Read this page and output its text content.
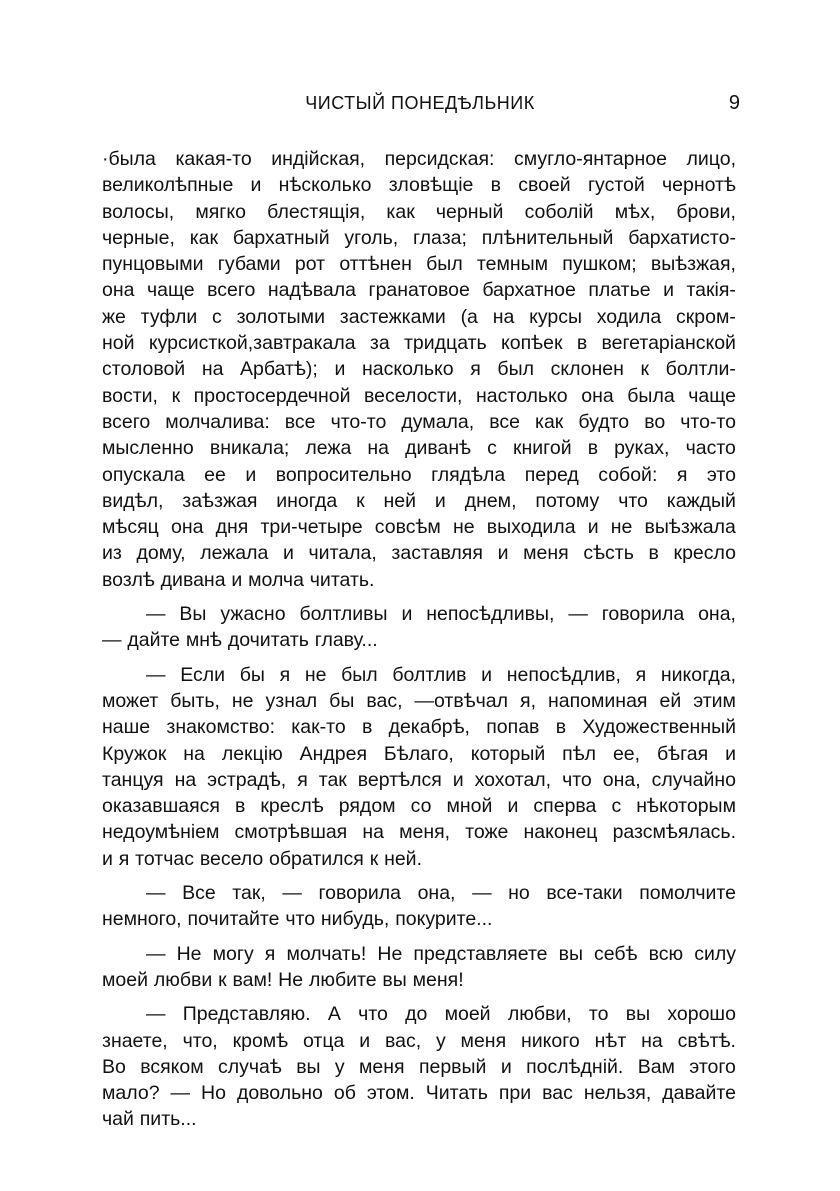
ЧИСТЫЙ ПОНЕДѢЛЬНИК	9
·была какая-то индійская, персидская: смугло-янтарное лицо,
великолѣпные и нѣсколько зловѣщіе в своей густой чернотѣ
волосы, мягко блестящія, как черный соболій мѣх, брови,
черные, как бархатный уголь, глаза; плѣнительный бархатисто-
пунцовыми губами рот оттѣнен был темным пушком; выѣзжая,
она чаще всего надѣвала гранатовое бархатное платье и такія-
же туфли с золотыми застежками (а на курсы ходила скром-
ной курсисткой,завтракала за тридцать копѣек в вегетаріанской
столовой на Арбатѣ); и насколько я был склонен к болтли-
вости, к простосердечной веселости, настолько она была чаще
всего молчалива: все что-то думала, все как будто во что-то
мысленно вникала; лежа на диванѣ с книгой в руках, часто
опускала ее и вопросительно глядѣла перед собой: я это
видѣл, заѣзжая иногда к ней и днем, потому что каждый
мѣсяц она дня три-четыре совсѣм не выходила и не выѣзжала
из дому, лежала и читала, заставляя и меня сѣсть в кресло
возлѣ дивана и молча читать.
— Вы ужасно болтливы и непосѣдливы, — говорила она,
— дайте мнѣ дочитать главу...
— Если бы я не был болтлив и непосѣдлив, я никогда,
может быть, не узнал бы вас, —отвѣчал я, напоминая ей этим
наше знакомство: как-то в декабрѣ, попав в Художественный
Кружок на лекцію Андрея Бѣлаго, который пѣл ее, бѣгая и
танцуя на эстрадѣ, я так вертѣлся и хохотал, что она, случайно
оказавшаяся в креслѣ рядом со мной и сперва с нѣкоторым
недоумѣніем смотрѣвшая на меня, тоже наконец разсмѣялась.
и я тотчас весело обратился к ней.
— Все так, — говорила она, — но все-таки помолчите
немного, почитайте что нибудь, покурите...
— Не могу я молчать! Не представляете вы себѣ всю силу
моей любви к вам! Не любите вы меня!
— Представляю. А что до моей любви, то вы хорошо
знаете, что, кромѣ отца и вас, у меня никого нѣт на свѣтѣ.
Во всяком случаѣ вы у меня первый и послѣдній. Вам этого
мало? — Но довольно об этом. Читать при вас нельзя, давайте
чай пить...
